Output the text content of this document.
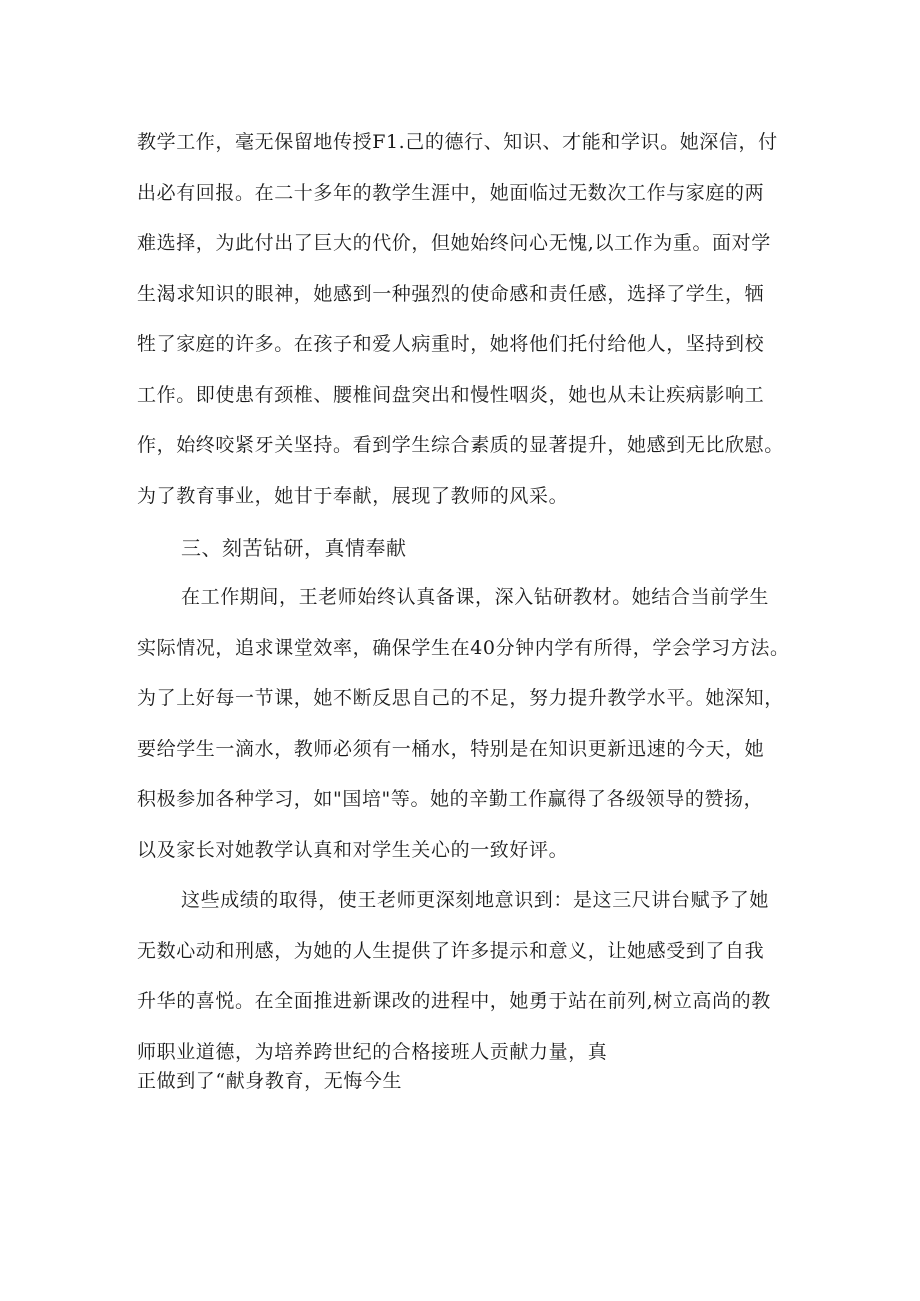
教学工作，毫无保留地传授F1.己的德行、知识、才能和学识。她深信，付
出必有回报。在二十多年的教学生涯中，她面临过无数次工作与家庭的两
难选择，为此付出了巨大的代价，但她始终问心无愧,以工作为重。面对学
生渴求知识的眼神，她感到一种强烈的使命感和责任感，选择了学生，牺
牲了家庭的许多。在孩子和爱人病重时，她将他们托付给他人，坚持到校
工作。即使患有颈椎、腰椎间盘突出和慢性咽炎，她也从未让疾病影响工
作，始终咬紧牙关坚持。看到学生综合素质的显著提升，她感到无比欣慰。
为了教育事业，她甘于奉献，展现了教师的风采。
三、刻苦钻研，真情奉献
在工作期间，王老师始终认真备课，深入钻研教材。她结合当前学生
实际情况，追求课堂效率，确保学生在40分钟内学有所得，学会学习方法。
为了上好每一节课，她不断反思自己的不足，努力提升教学水平。她深知，
要给学生一滴水，教师必须有一桶水，特别是在知识更新迅速的今天，她
积极参加各种学习，如"国培"等。她的辛勤工作赢得了各级领导的赞扬，
以及家长对她教学认真和对学生关心的一致好评。
这些成绩的取得，使王老师更深刻地意识到：是这三尺讲台赋予了她
无数心动和刑感，为她的人生提供了许多提示和意义，让她感受到了自我
升华的喜悦。在全面推进新课改的进程中，她勇于站在前列,树立高尚的教
师职业道德，为培养跨世纪的合格接班人贡献力量，真
正做到了“献身教育，无悔今生
